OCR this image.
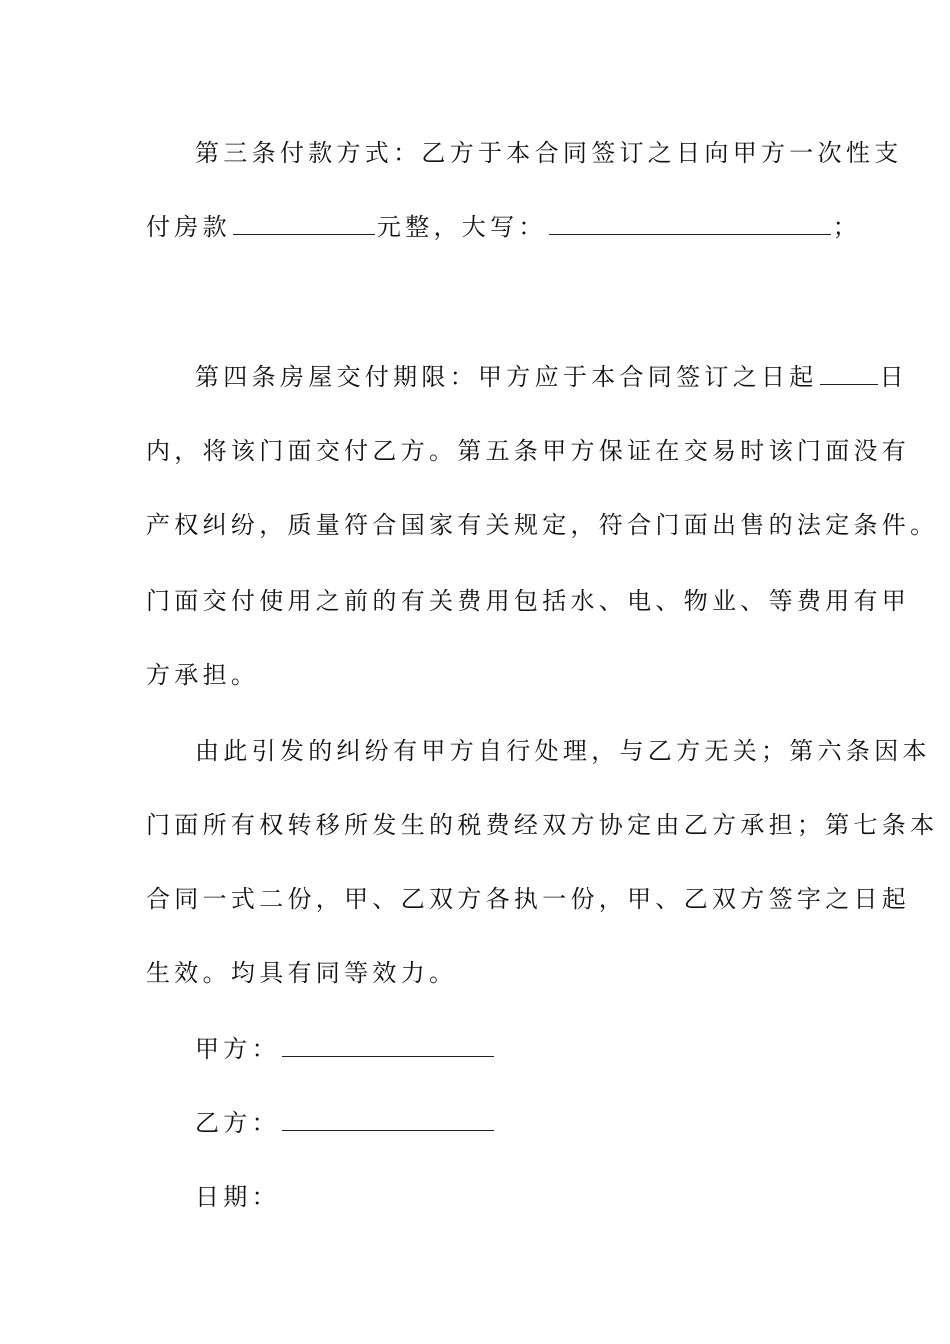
第三条付款方式：乙方于本合同签订之日向甲方一次性支
付房款	元整，大写：	；
第四条房屋交付期限：甲方应于本合同签订之日起	日
内，将该门面交付乙方。第五条甲方保证在交易时该门面没有
产权纠纷，质量符合国家有关规定，符合门面出售的法定条件。
门面交付使用之前的有关费用包括水、电、物业、等费用有甲
方承担。
由此引发的纠纷有甲方自行处理，与乙方无关；第六条因本
门面所有权转移所发生的税费经双方协定由乙方承担；第七条本
合同一式二份，甲、乙双方各执一份，甲、乙双方签字之日起
生效。均具有同等效力。
甲方：
乙方：
日期：
